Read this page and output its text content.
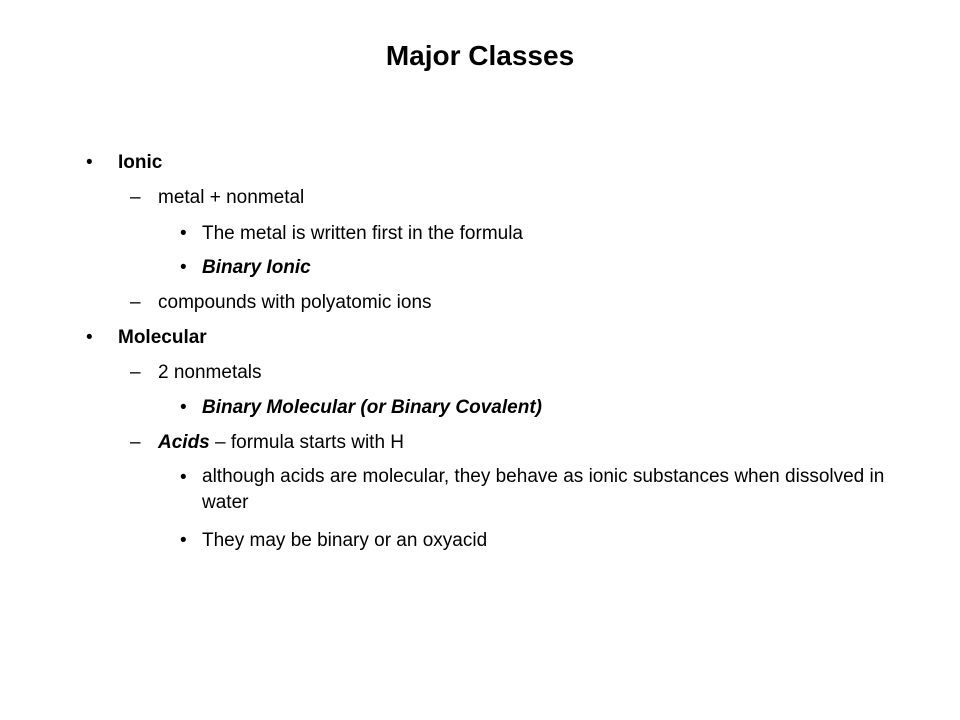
Major Classes
• Ionic
– metal + nonmetal
• The metal is written first in the formula
• Binary Ionic
– compounds with polyatomic ions
• Molecular
– 2 nonmetals
• Binary Molecular (or Binary Covalent)
– Acids – formula starts with H
• although acids are molecular, they behave as ionic substances when dissolved in water
• They may be binary or an oxyacid
